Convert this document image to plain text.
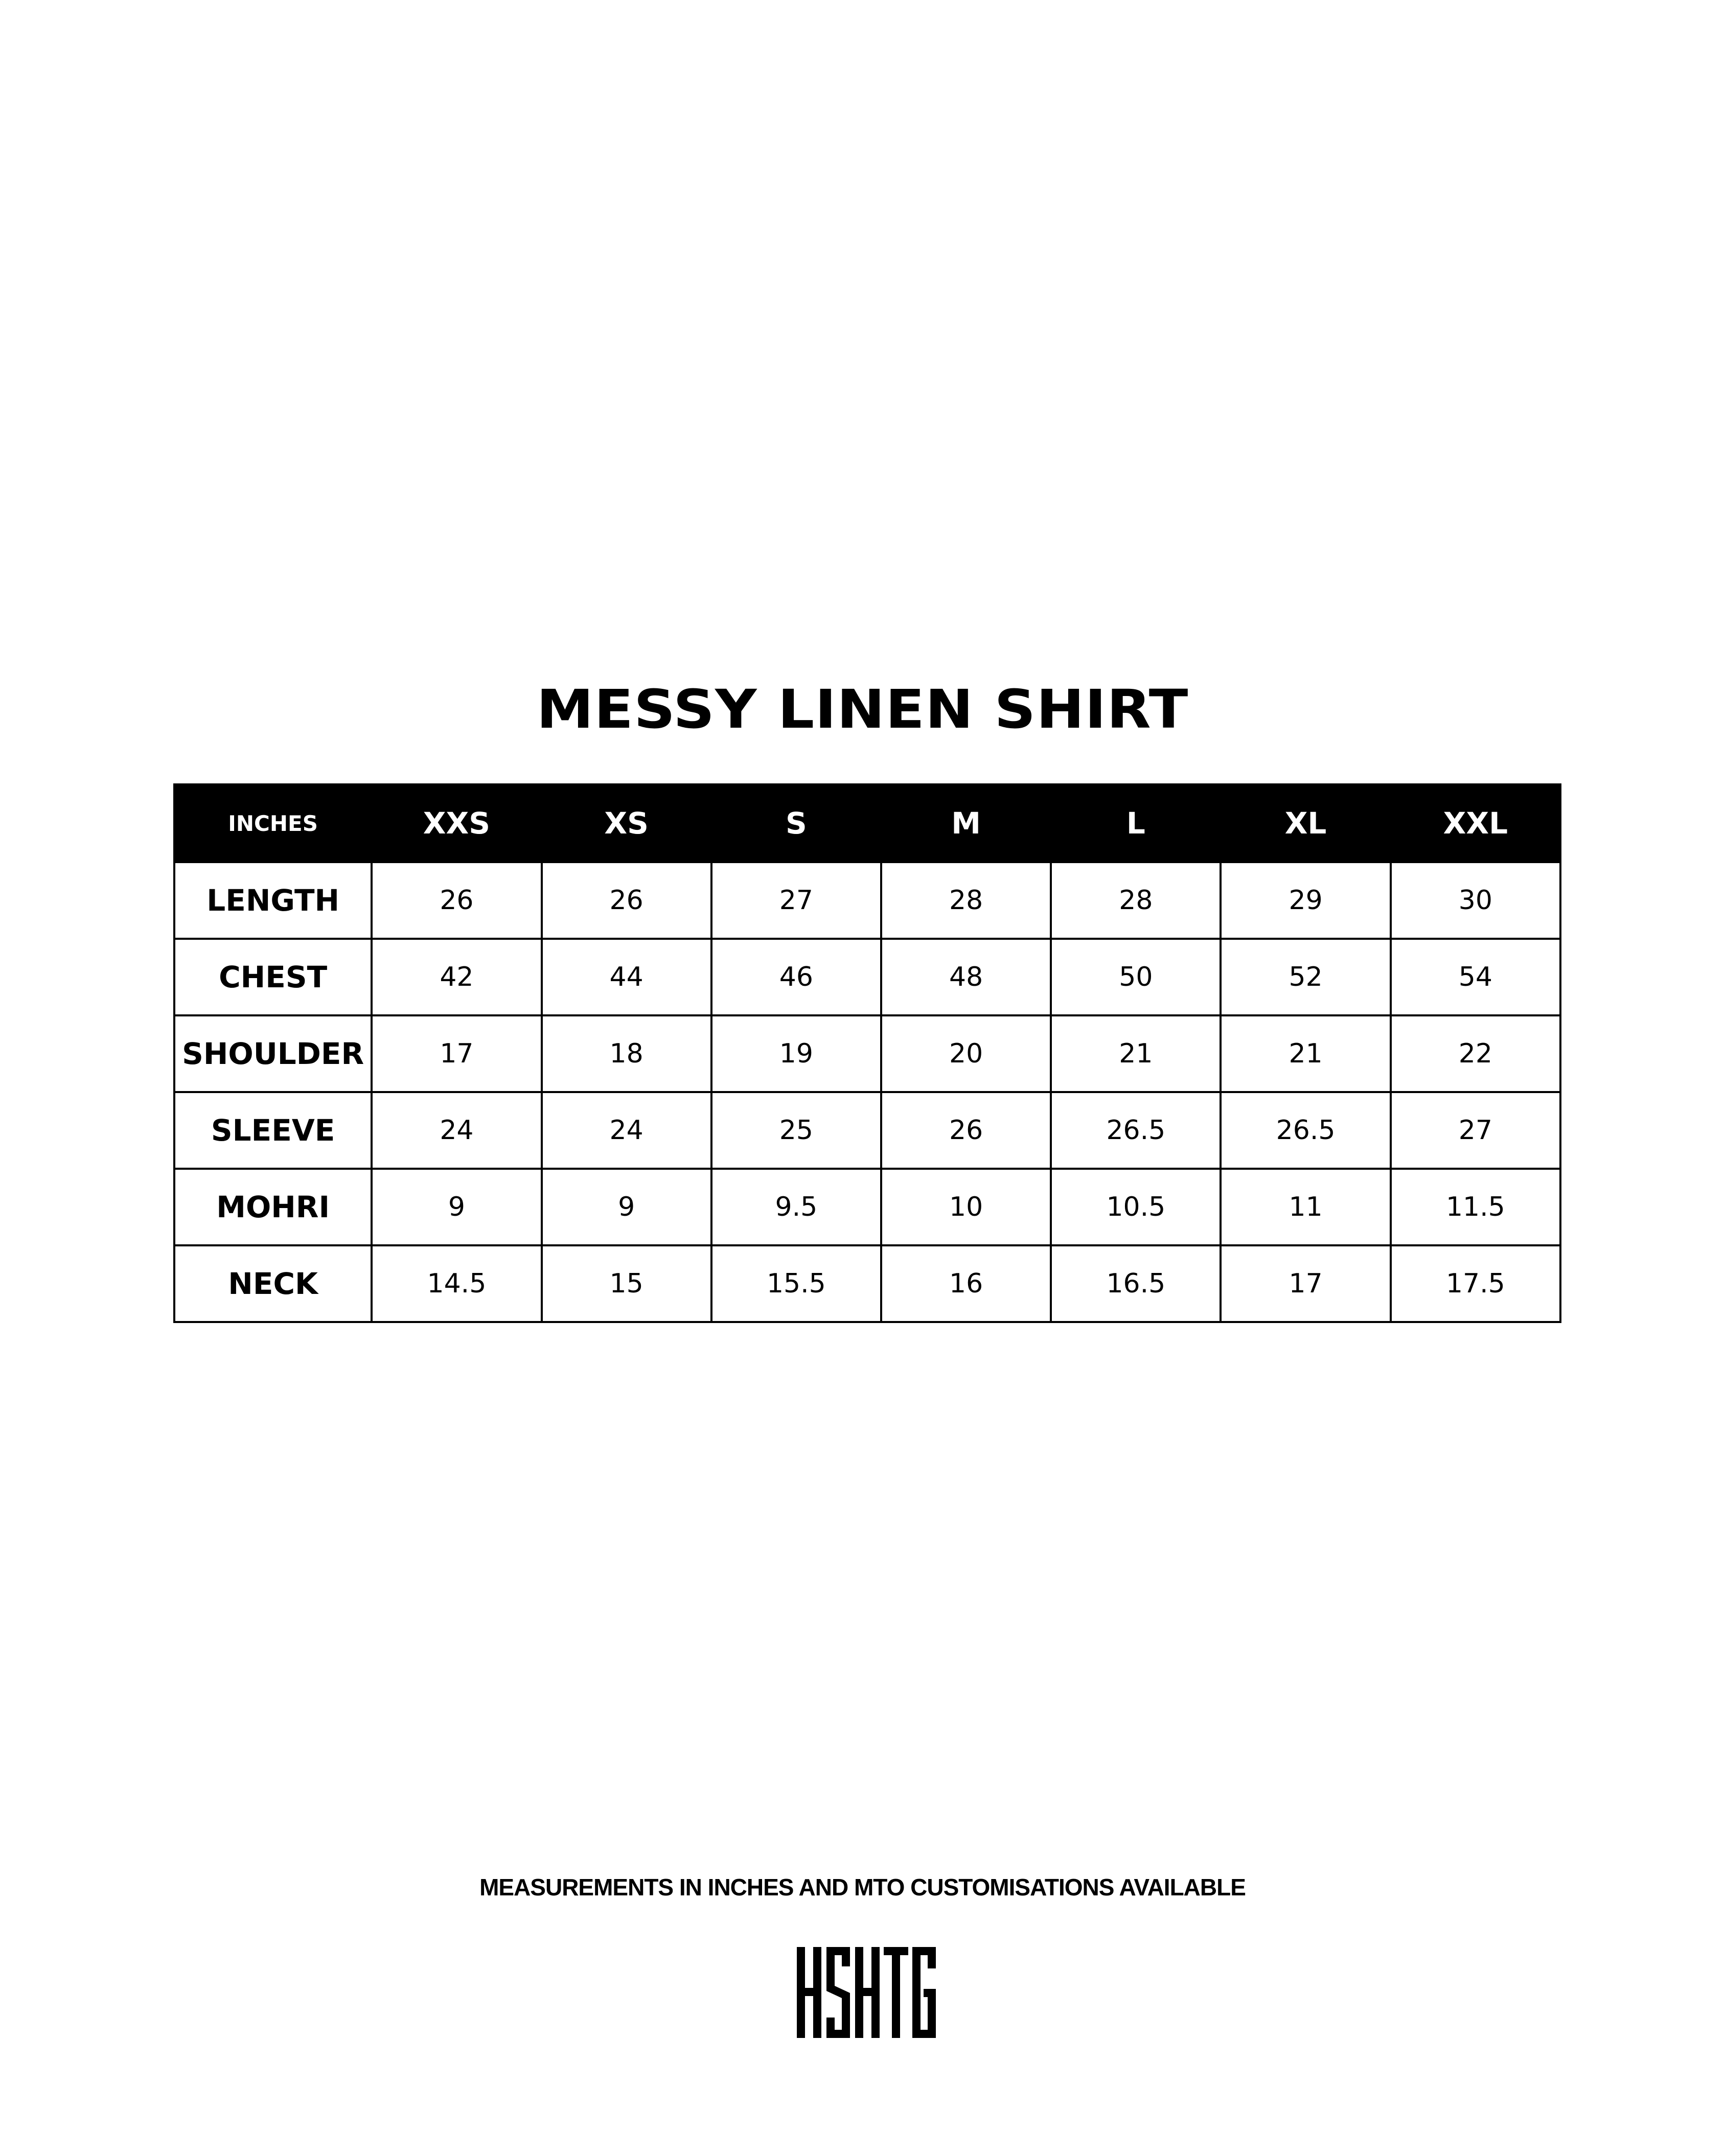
MESSY LINEN SHIRT
INCHES	XXS	XS	S	M	L	XL	XXL
LENGTH	26	26	27	28	28	29	30
CHEST	42	44	46	48	50	52	54
SHOULDER	17	18	19	20	21	21	22
SLEEVE	24	24	25	26	26.5	26.5	27
MOHRI	9	9	9.5	10	10.5	11	11.5
NECK	14.5	15	15.5	16	16.5	17	17.5
MEASUREMENTS IN INCHES AND MTO CUSTOMISATIONS AVAILABLE
